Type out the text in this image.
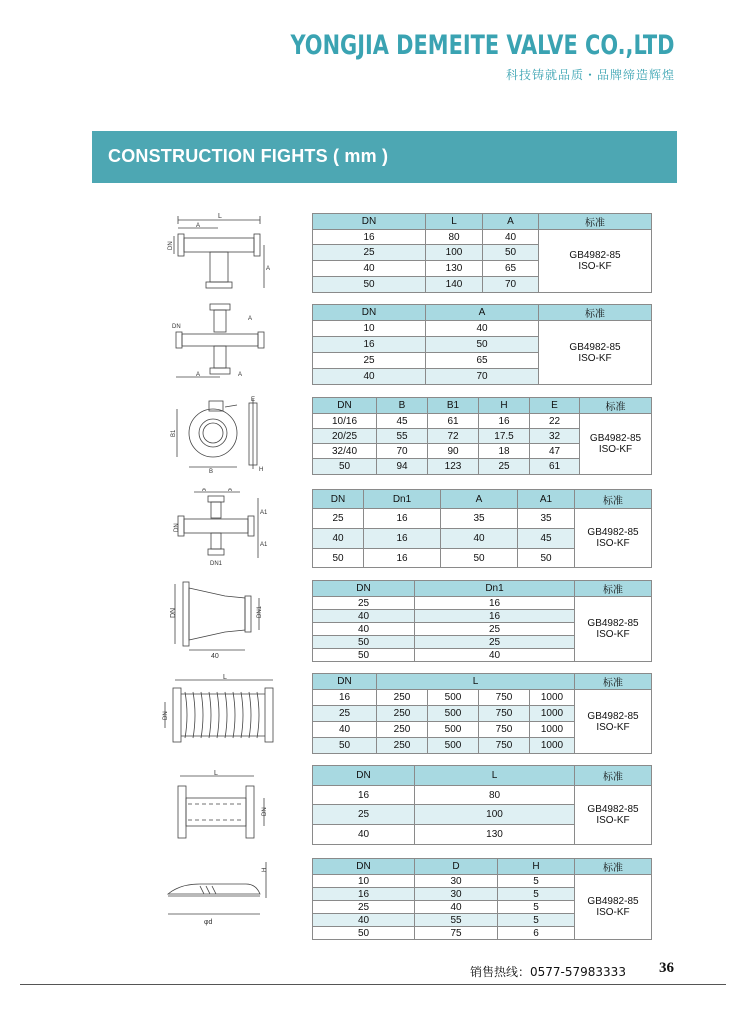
YONGJIA DEMEITE VALVE CO.,LTD
科技铸就品质・品牌缔造辉煌
CONSTRUCTION FIGHTS ( mm )
L
A
DN
A
A	A
A
DN
B1
B
E
H
A	A
DN
A1
A1
DN1
DN	DN1
40
L
DN
L
DN
H
φd
DN	L	A	标准
16	80	40	GB4982-85
ISO-KF
25	100	50	
40	130	65	
50	140	70	
DN	A	标准
10	40	GB4982-85
ISO-KF
16	50	
25	65	
40	70	
DN	B	B1	H	E	标准
10/16	45	61	16	22	GB4982-85
ISO-KF
20/25	55	72	17.5	32	
32/40	70	90	18	47	
50	94	123	25	61	
DN	Dn1	A	A1	标准
25	16	35	35	GB4982-85
ISO-KF
40	16	40	45	
50	16	50	50	
DN	Dn1	标准
25	16	GB4982-85
ISO-KF
40	16	
40	25	
50	25	
50	40	
DN	L				标准
16	250	500	750	1000	GB4982-85
ISO-KF
25	250	500	750	1000	
40	250	500	750	1000	
50	250	500	750	1000	
DN	L	标准
16	80	GB4982-85
ISO-KF
25	100	
40	130	
DN	D	H	标准
10	30	5	GB4982-85
ISO-KF
16	30	5	
25	40	5	
40	55	5	
50	75	6	
销售热线：0577-57983333 36
